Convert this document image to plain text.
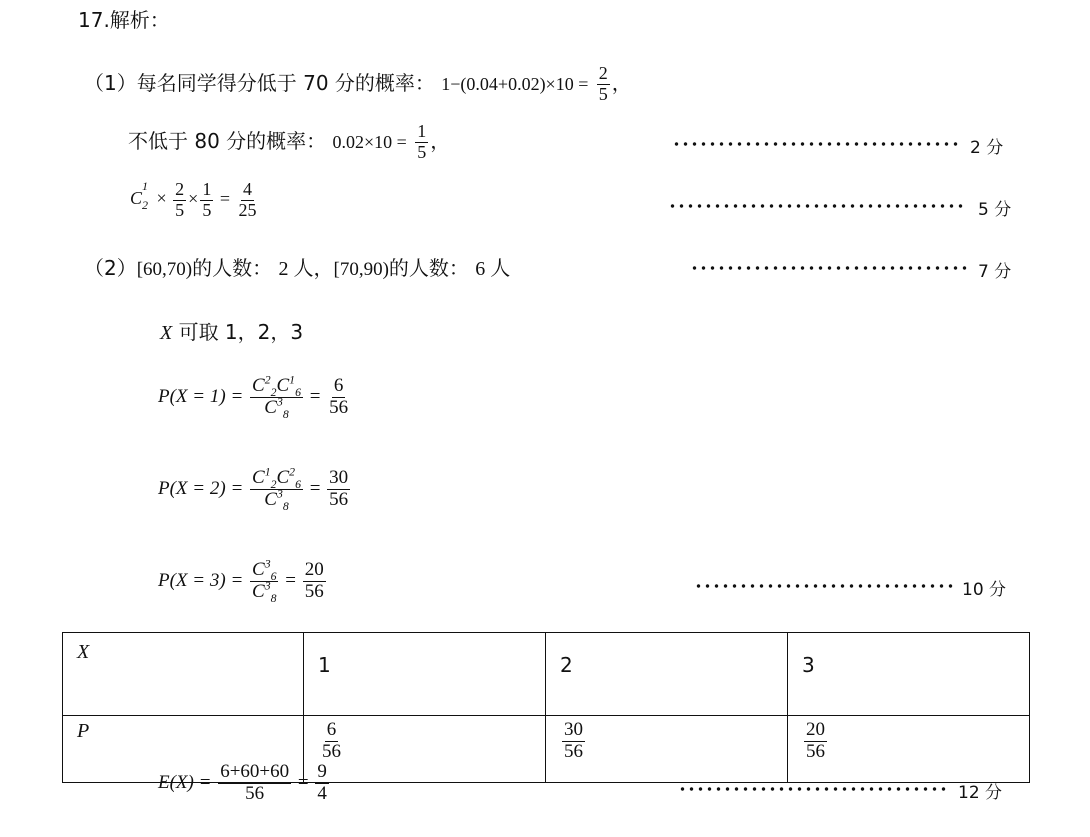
17.解析：
（1）每名同学得分低于 70 分的概率： $1-(0.04+0.02)\times 10 = \frac{2}{5}$ ，
不低于 80 分的概率： $0.02\times 10 = \frac{1}{5}$ ，	2 分
C
1
$2 \times \frac{2}{5} \times \frac{1}{5} = \frac{4}{25}$	5 分
（2）[60,70)的人数： 2 人，[70,90)的人数： 6 人	7 分
X 可取 1，2，3
$P(X = 1) = \frac{C^2_2C^1_6}{C^3_8} = \frac{6}{56}$
$P(X = 2) = \frac{C^1_2C^2_6}{C^3_8} = \frac{30}{56}$
$P(X = 3) = \frac{C^3_6}{C^3_8} = \frac{20}{56}$	10 分
X	1	2	3
P	$\frac{6}{56}$	$\frac{30}{56}$	$\frac{20}{56}$
$E(X) = \frac{6+60+60}{56} = \frac{9}{4}$	12 分
